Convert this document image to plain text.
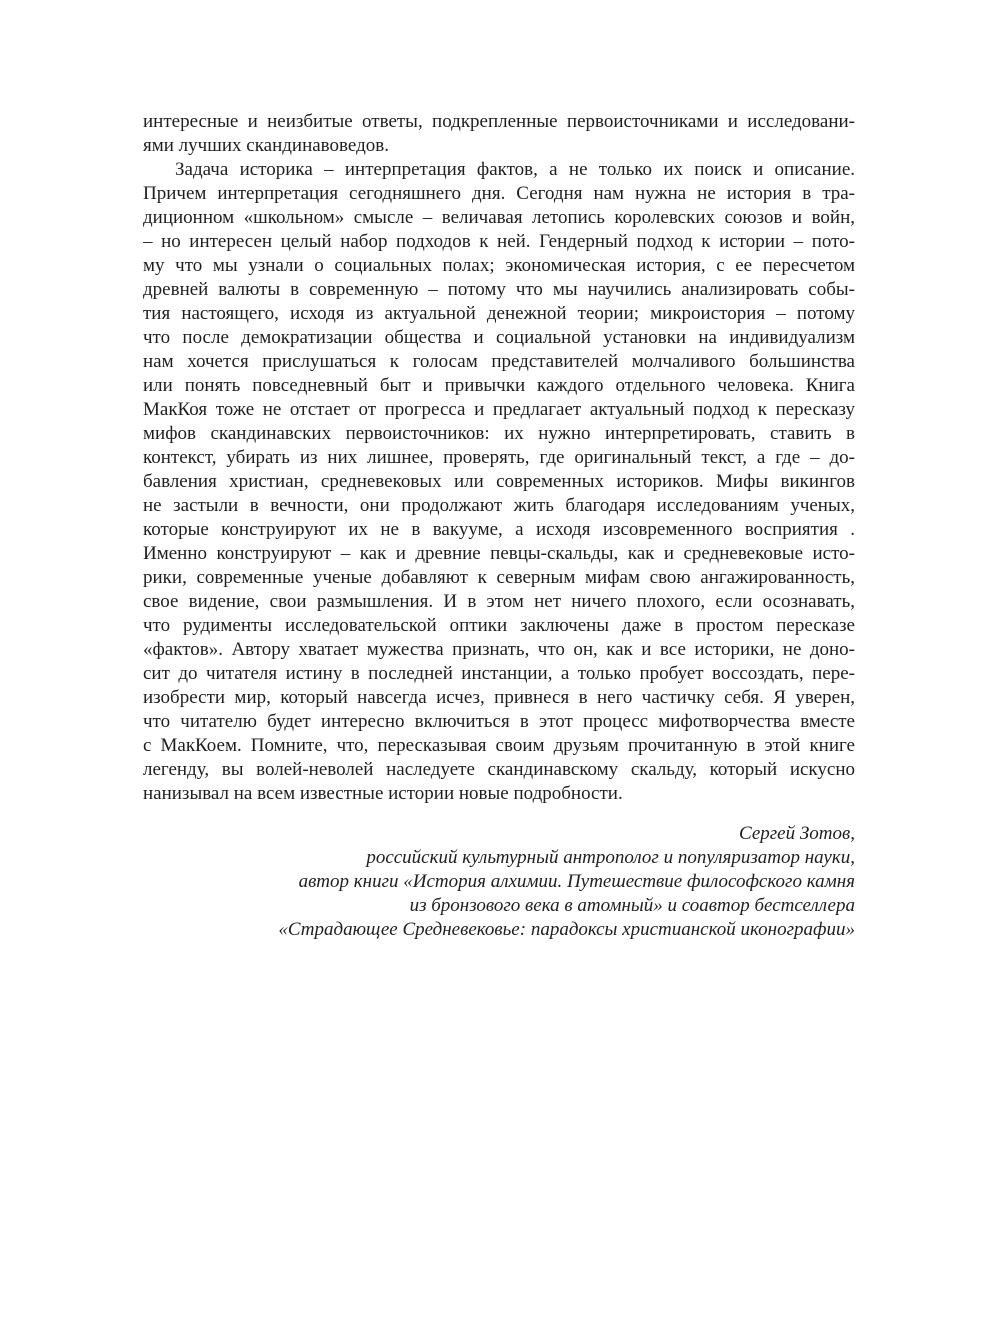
интересные и неизбитые ответы, подкрепленные первоисточниками и исследовани-
ями лучших скандинавоведов.
Задача историка – интерпретация фактов, а не только их поиск и описание.
Причем интерпретация сегодняшнего дня. Сегодня нам нужна не история в тра-
диционном «школьном» смысле – величавая летопись королевских союзов и войн,
– но интересен целый набор подходов к ней. Гендерный подход к истории – пото-
му что мы узнали о социальных полах; экономическая история, с ее пересчетом
древней валюты в современную – потому что мы научились анализировать собы-
тия настоящего, исходя из актуальной денежной теории; микроистория – потому
что после демократизации общества и социальной установки на индивидуализм
нам хочется прислушаться к голосам представителей молчаливого большинства
или понять повседневный быт и привычки каждого отдельного человека. Книга
МакКоя тоже не отстает от прогресса и предлагает актуальный подход к пересказу
мифов скандинавских первоисточников: их нужно интерпретировать, ставить в
контекст, убирать из них лишнее, проверять, где оригинальный текст, а где – до-
бавления христиан, средневековых или современных историков. Мифы викингов
не застыли в вечности, они продолжают жить благодаря исследованиям ученых,
которые конструируют их не в вакууме, а исходя изсовременного восприятия .
Именно конструируют – как и древние певцы-скальды, как и средневековые исто-
рики, современные ученые добавляют к северным мифам свою ангажированность,
свое видение, свои размышления. И в этом нет ничего плохого, если осознавать,
что рудименты исследовательской оптики заключены даже в простом пересказе
«фактов». Автору хватает мужества признать, что он, как и все историки, не доно-
сит до читателя истину в последней инстанции, а только пробует воссоздать, пере-
изобрести мир, который навсегда исчез, привнеся в него частичку себя. Я уверен,
что читателю будет интересно включиться в этот процесс мифотворчества вместе
с МакКоем. Помните, что, пересказывая своим друзьям прочитанную в этой книге
легенду, вы волей-неволей наследуете скандинавскому скальду, который искусно
нанизывал на всем известные истории новые подробности.
Сергей Зотов,
российский культурный антрополог и популяризатор науки,
автор книги «История алхимии. Путешествие философского камня
из бронзового века в атомный» и соавтор бестселлера
«Страдающее Средневековье: парадоксы христианской иконографии»
